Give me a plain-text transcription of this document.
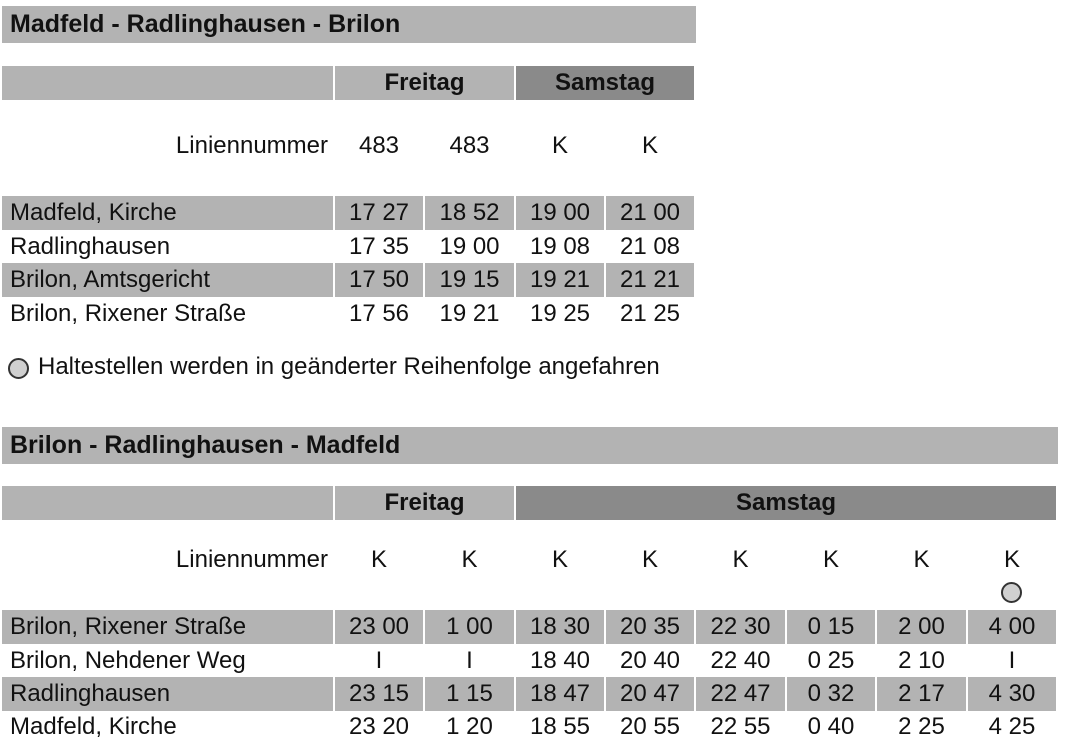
Madfeld - Radlinghausen - Brilon
Freitag	Samstag
Liniennummer	483	483	K	K
Madfeld, Kirche	17 27	18 52	19 00	21 00
Radlinghausen	17 35	19 00	19 08	21 08
Brilon, Amtsgericht	17 50	19 15	19 21	21 21
Brilon, Rixener Straße	17 56	19 21	19 25	21 25
Haltestellen werden in geänderter Reihenfolge angefahren
Brilon - Radlinghausen - Madfeld
Freitag	Samstag
Liniennummer	K	K	K	K	K	K	K	K
Brilon, Rixener Straße	23 00	1 00	18 30	20 35	22 30	0 15	2 00	4 00
Brilon, Nehdener Weg	I	I	18 40	20 40	22 40	0 25	2 10	I
Radlinghausen	23 15	1 15	18 47	20 47	22 47	0 32	2 17	4 30
Madfeld, Kirche	23 20	1 20	18 55	20 55	22 55	0 40	2 25	4 25
